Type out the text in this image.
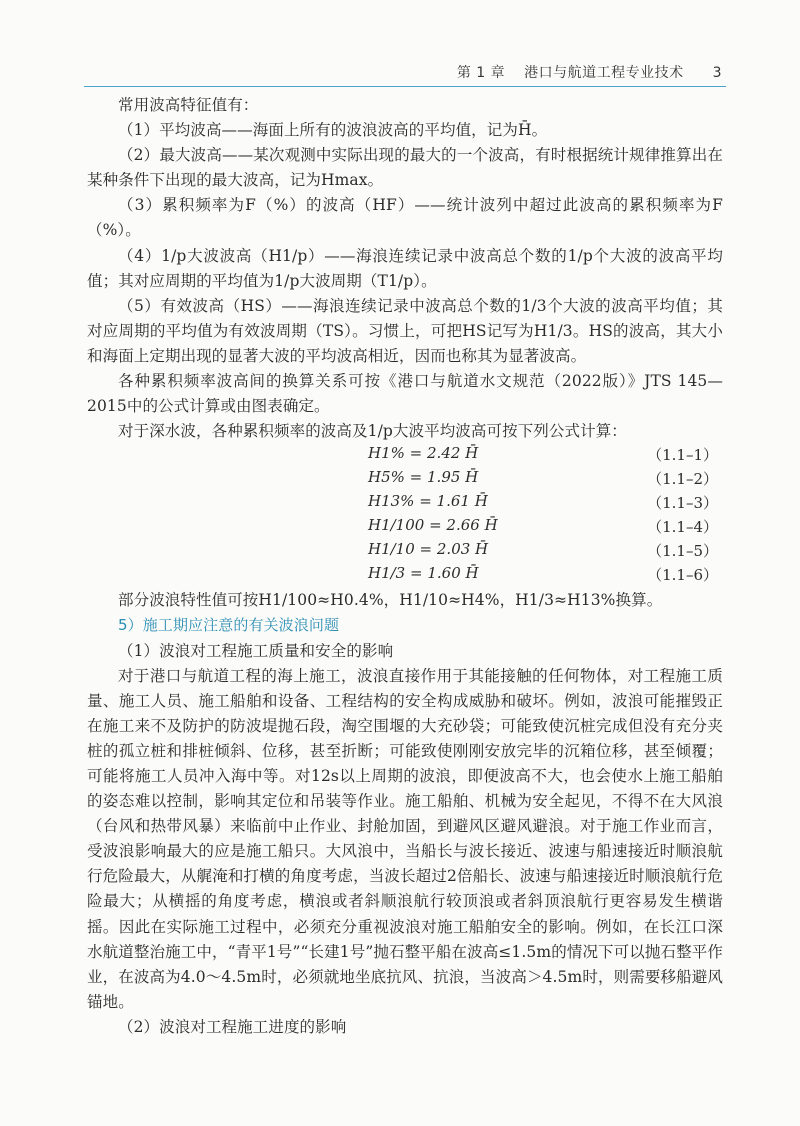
第 1 章 港口与航道工程专业技术 3

常用波高特征值有：

（1）平均波高——海面上所有的波浪波高的平均值，记为H̄。

（2）最大波高——某次观测中实际出现的最大的一个波高，有时根据统计规律推算出在某种条件下出现的最大波高，记为Hmax。

（3）累积频率为F（%）的波高（HF）——统计波列中超过此波高的累积频率为F（%）。

（4）1/p大波波高（H1/p）——海浪连续记录中波高总个数的1/p个大波的波高平均值；其对应周期的平均值为1/p大波周期（T1/p）。

（5）有效波高（HS）——海浪连续记录中波高总个数的1/3个大波的波高平均值；其对应周期的平均值为有效波周期（TS）。习惯上，可把HS记写为H1/3。HS的波高，其大小和海面上定期出现的显著大波的平均波高相近，因而也称其为显著波高。

各种累积频率波高间的换算关系可按《港口与航道水文规范（2022版）》JTS 145—2015中的公式计算或由图表确定。

对于深水波，各种累积频率的波高及1/p大波平均波高可按下列公式计算：

H1% = 2.42 H̄	（1.1–1）
H5% = 1.95 H̄	（1.1–2）
H13% = 1.61 H̄	（1.1–3）
H1/100 = 2.66 H̄	（1.1–4）
H1/10 = 2.03 H̄	（1.1–5）
H1/3 = 1.60 H̄	（1.1–6）

部分波浪特性值可按H1/100≈H0.4%，H1/10≈H4%，H1/3≈H13%换算。

5）施工期应注意的有关波浪问题

（1）波浪对工程施工质量和安全的影响

对于港口与航道工程的海上施工，波浪直接作用于其能接触的任何物体，对工程施工质量、施工人员、施工船舶和设备、工程结构的安全构成威胁和破坏。例如，波浪可能摧毁正在施工来不及防护的防波堤抛石段，淘空围堰的大充砂袋；可能致使沉桩完成但没有充分夹桩的孤立桩和排桩倾斜、位移，甚至折断；可能致使刚刚安放完毕的沉箱位移，甚至倾覆；可能将施工人员冲入海中等。对12s以上周期的波浪，即便波高不大，也会使水上施工船舶的姿态难以控制，影响其定位和吊装等作业。施工船舶、机械为安全起见，不得不在大风浪（台风和热带风暴）来临前中止作业、封舱加固，到避风区避风避浪。对于施工作业而言，受波浪影响最大的应是施工船只。大风浪中，当船长与波长接近、波速与船速接近时顺浪航行危险最大，从艉淹和打横的角度考虑，当波长超过2倍船长、波速与船速接近时顺浪航行危险最大；从横摇的角度考虑，横浪或者斜顺浪航行较顶浪或者斜顶浪航行更容易发生横谐摇。因此在实际施工过程中，必须充分重视波浪对施工船舶安全的影响。例如，在长江口深水航道整治施工中，“青平1号”“长建1号”抛石整平船在波高≤1.5m的情况下可以抛石整平作业，在波高为4.0～4.5m时，必须就地坐底抗风、抗浪，当波高＞4.5m时，则需要移船避风锚地。

（2）波浪对工程施工进度的影响
